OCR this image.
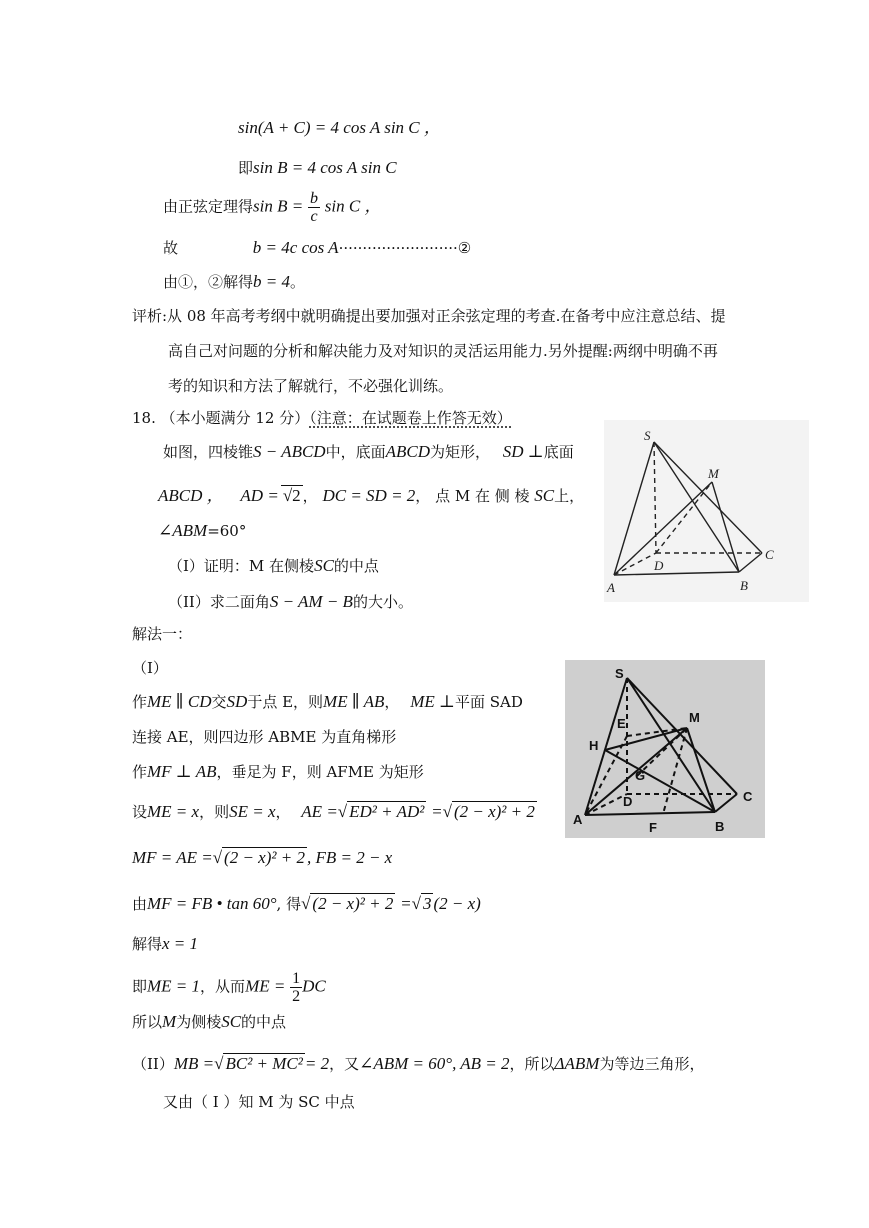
sin(A + C) = 4 cos A sin C ，
即sin B = 4 cos A sin C
由正弦定理得$\sin B = \frac{b}{c}$ sin C ，
故	b = 4c cos A·························②
由①，②解得b = 4。
评析:从 08 年高考考纲中就明确提出要加强对正余弦定理的考查.在备考中应注意总结、提
高自己对问题的分析和解决能力及对知识的灵活运用能力.另外提醒:两纲中明确不再
考的知识和方法了解就行，不必强化训练。
18. （本小题满分 12 分）（注意：在试题卷上作答无效）
如图，四棱锥S − ABCD中，底面ABCD为矩形， SD ⊥底面
ABCD ， AD = √2 ， DC = SD = 2， 点 M 在 侧 棱 SC上，
∠ABM=60°
（I）证明：M 在侧棱SC的中点
（II）求二面角S − AM − B的大小。
S
M
D
C
A	B
解法一：
（I）
作ME ∥ CD交SD于点 E，则ME ∥ AB， ME ⊥平面 SAD
连接 AE，则四边形 ABME 为直角梯形
作MF ⊥ AB，垂足为 F，则 AFME 为矩形
设ME = x，则SE = x， AE =√ ED² + AD² =√ (2 − x)² + 2
MF = AE =√ (2 − x)² + 2 , FB = 2 − x
由MF = FB • tan 60°, 得√ (2 − x)² + 2 =√ 3 (2 − x)
解得x = 1
即ME = 1，从而ME = $\frac{1}{2}$ DC
所以M为侧棱SC的中点
（II）MB =√ BC² + MC² = 2，又∠ABM = 60°, AB = 2，所以ΔABM为等边三角形，
又由（ I ）知 M 为 SC 中点
S
E	M
H
G
D	C
A
F	B
